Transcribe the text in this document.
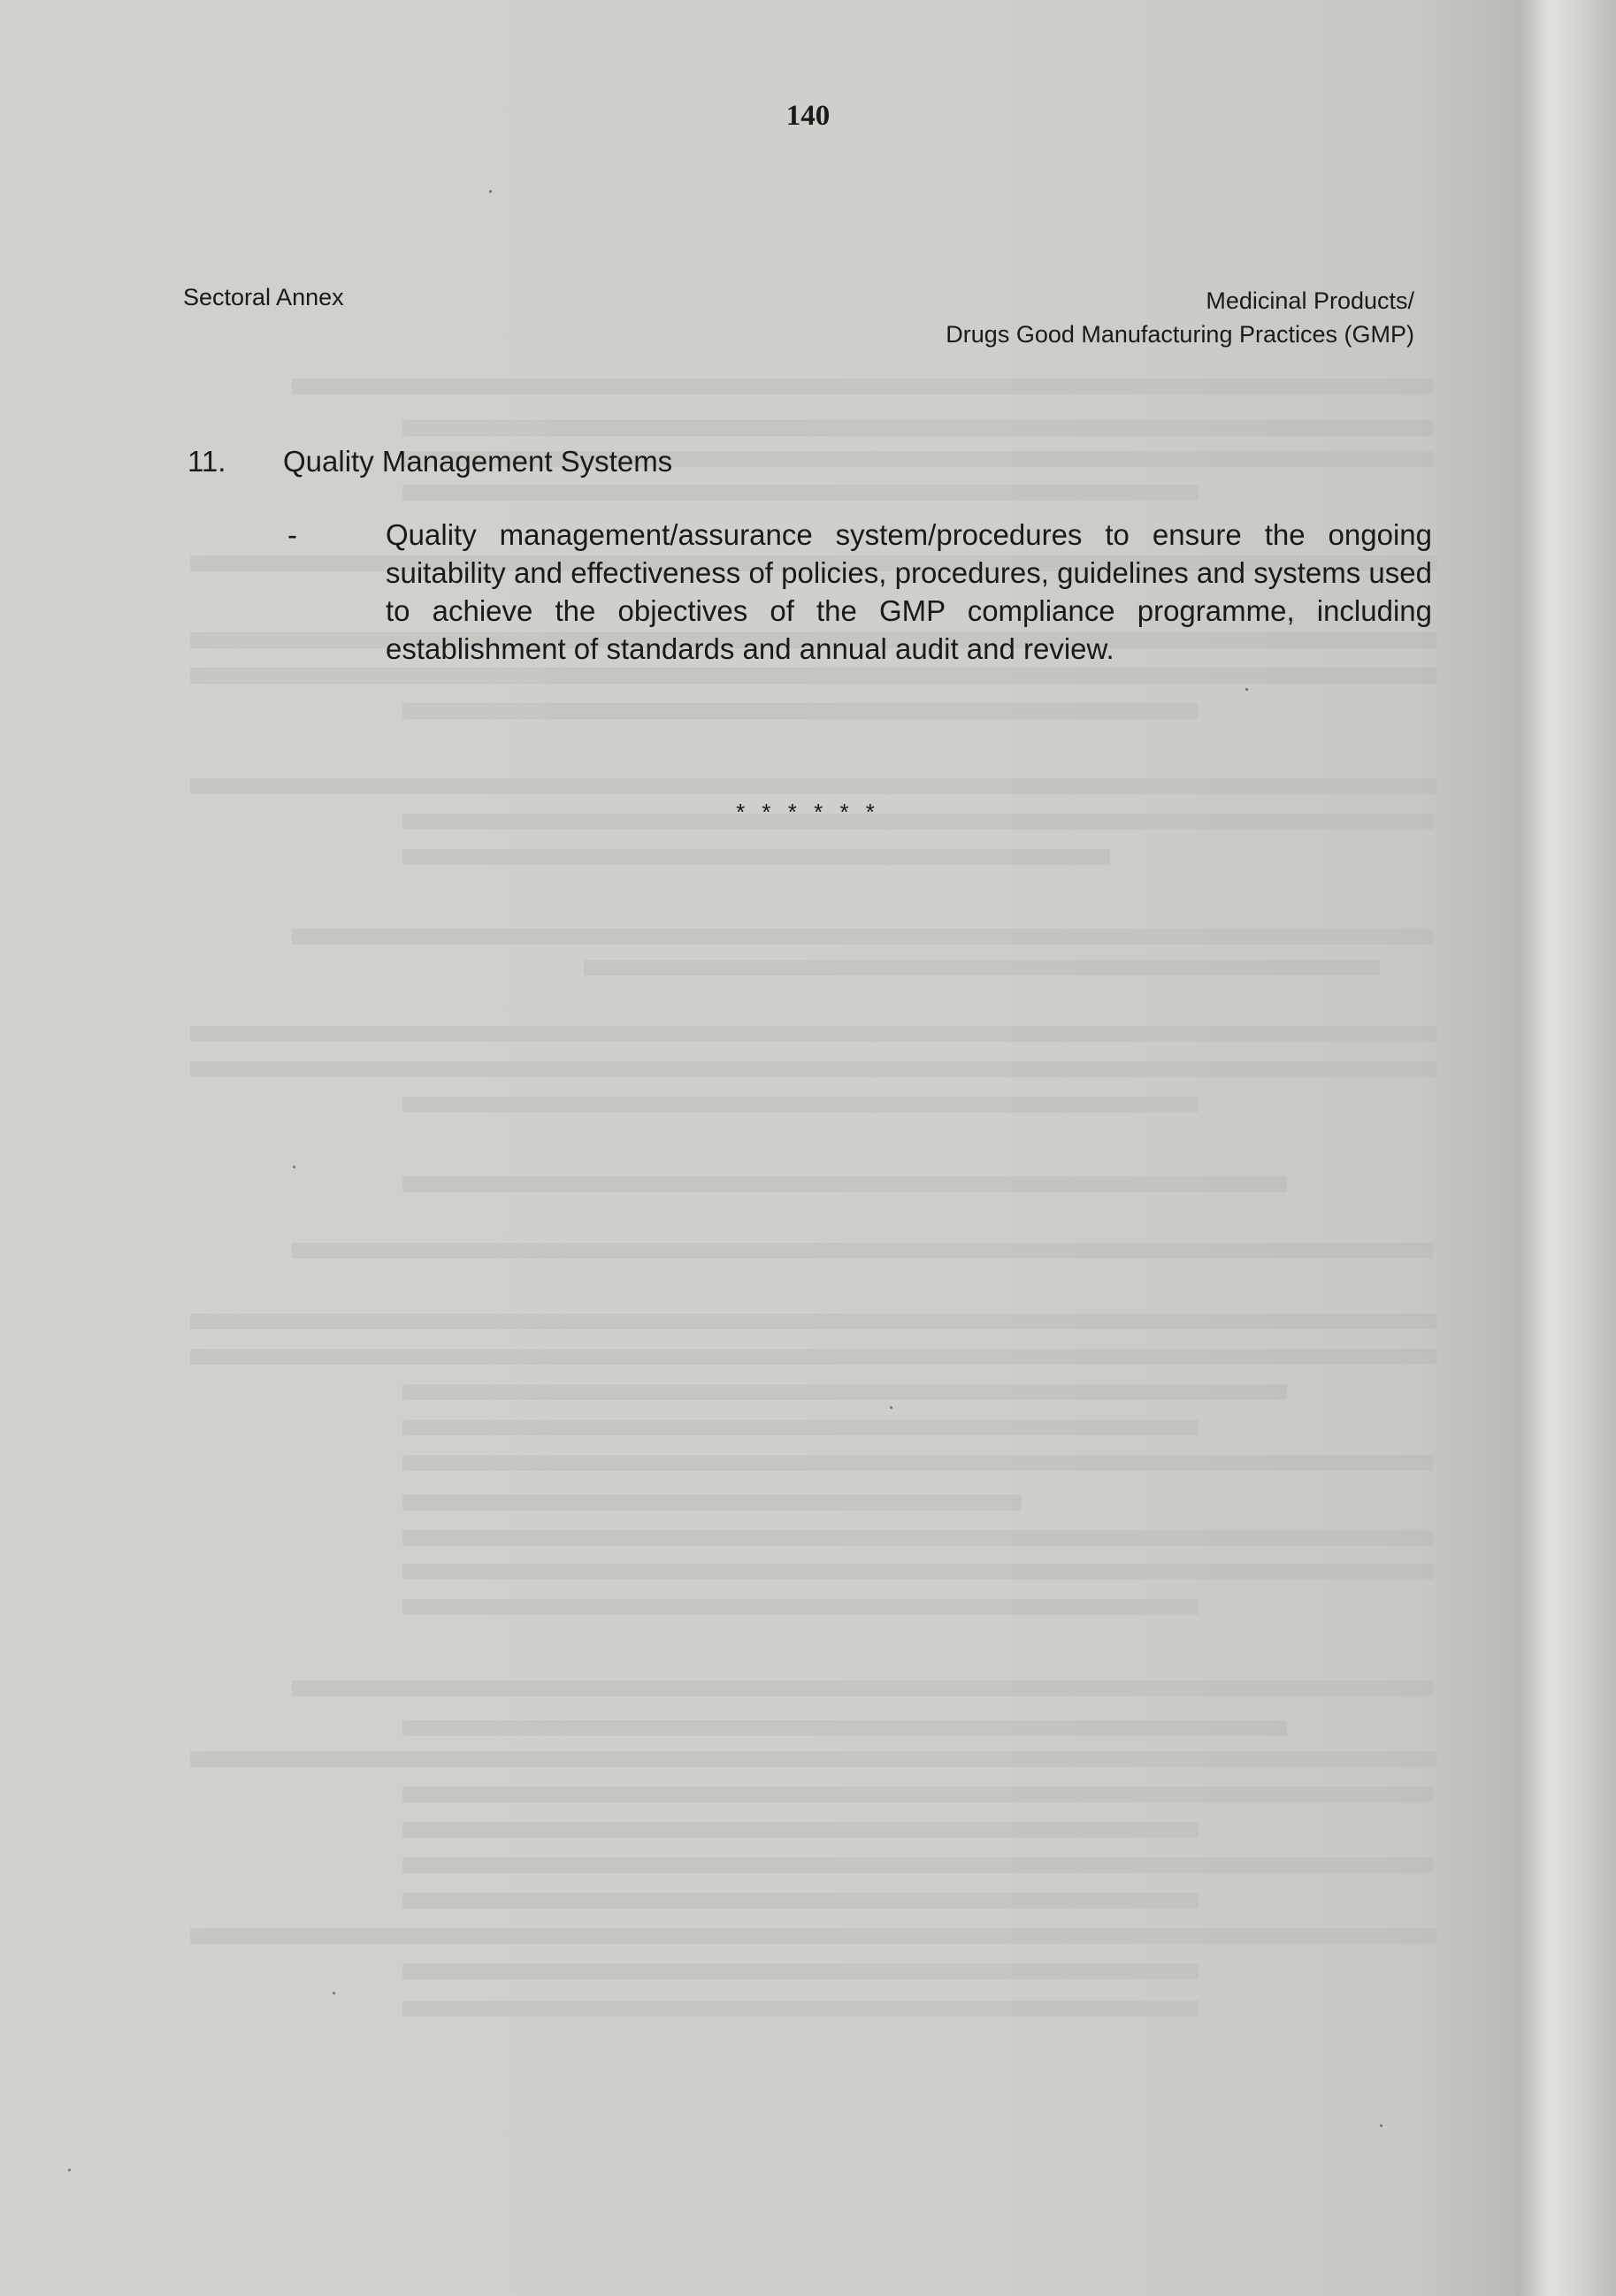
140
Sectoral Annex	Medicinal Products/
Drugs Good Manufacturing Practices (GMP)
11. Quality Management Systems
-	Quality management/assurance system/procedures to ensure the ongoing suitability and effectiveness of policies, procedures, guidelines and systems used to achieve the objectives of the GMP compliance programme, including establishment of standards and annual audit and review.
* * * * * *
